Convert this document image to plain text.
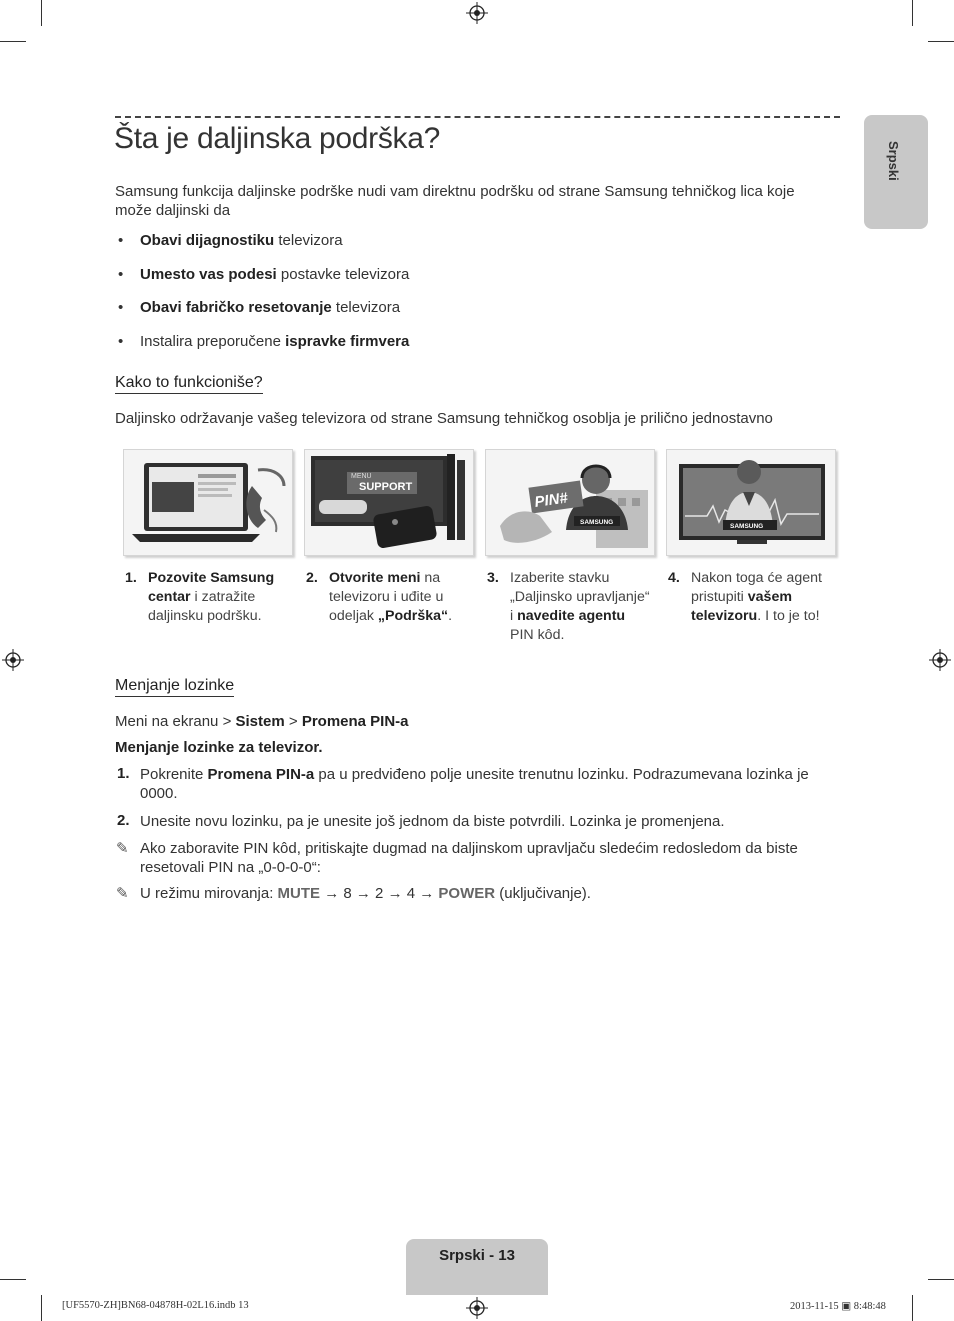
Šta je daljinska podrška?
Srpski
Samsung funkcija daljinske podrške nudi vam direktnu podršku od strane Samsung tehničkog lica koje može daljinski da
• Obavi dijagnostiku televizora
• Umesto vas podesi postavke televizora
• Obavi fabričko resetovanje televizora
• Instalira preporučene ispravke firmvera
Kako to funkcioniše?
Daljinsko održavanje vašeg televizora od strane Samsung tehničkog osoblja je prilično jednostavno
MENU
SUPPORT
PIN#
SAMSUNG
SAMSUNG
1. Pozovite Samsung centar i zatražite daljinsku podršku.
2. Otvorite meni na televizoru i uđite u odeljak „Podrška“.
3. Izaberite stavku „Daljinsko upravljanje“ i navedite agentu PIN kôd.
4. Nakon toga će agent pristupiti vašem televizoru. I to je to!
Menjanje lozinke
Meni na ekranu > Sistem > Promena PIN-a
Menjanje lozinke za televizor.
1. Pokrenite Promena PIN-a pa u predviđeno polje unesite trenutnu lozinku. Podrazumevana lozinka je 0000.
2. Unesite novu lozinku, pa je unesite još jednom da biste potvrdili. Lozinka je promenjena.
✎ Ako zaboravite PIN kôd, pritiskajte dugmad na daljinskom upravljaču sledećim redosledom da biste resetovali PIN na „0-0-0-0“:
✎ U režimu mirovanja: MUTE → 8 → 2 → 4 → POWER (uključivanje).
Srpski - 13
[UF5570-ZH]BN68-04878H-02L16.indb 13	2013-11-15 ▣ 8:48:48
